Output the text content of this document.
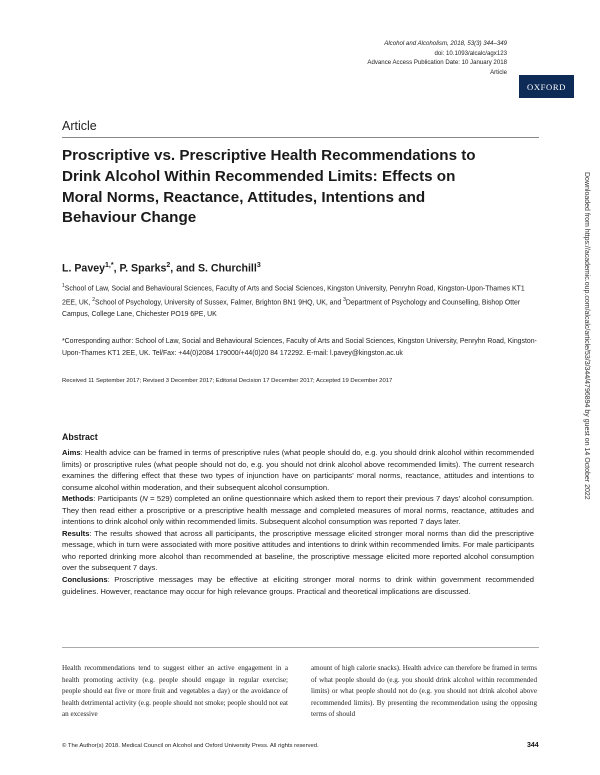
Alcohol and Alcoholism, 2018, 53(3) 344–349
doi: 10.1093/alcalc/agx123
Advance Access Publication Date: 10 January 2018
Article
OXFORD
Article
Proscriptive vs. Prescriptive Health Recommendations to Drink Alcohol Within Recommended Limits: Effects on Moral Norms, Reactance, Attitudes, Intentions and Behaviour Change
L. Pavey$^{1,*}$, P. Sparks$^2$, and S. Churchill$^3$
$^1$School of Law, Social and Behavioural Sciences, Faculty of Arts and Social Sciences, Kingston University, Penryhn Road, Kingston-Upon-Thames KT1 2EE, UK, $^2$School of Psychology, University of Sussex, Falmer, Brighton BN1 9HQ, UK, and $^3$Department of Psychology and Counselling, Bishop Otter Campus, College Lane, Chichester PO19 6PE, UK
*Corresponding author: School of Law, Social and Behavioural Sciences, Faculty of Arts and Social Sciences, Kingston University, Penryhn Road, Kingston-Upon-Thames KT1 2EE, UK. Tel/Fax: +44(0)2084 179000/+44(0)20 84 172292. E-mail: l.pavey@kingston.ac.uk
Received 11 September 2017; Revised 3 December 2017; Editorial Decision 17 December 2017; Accepted 19 December 2017
Abstract

Aims: Health advice can be framed in terms of prescriptive rules (what people should do, e.g. you should drink alcohol within recommended limits) or proscriptive rules (what people should not do, e.g. you should not drink alcohol above recommended limits). The current research examines the differing effect that these two types of injunction have on participants' moral norms, reactance, attitudes and intentions to consume alcohol within moderation, and their subsequent alcohol consumption.

Methods: Participants (N = 529) completed an online questionnaire which asked them to report their previous 7 days' alcohol consumption. They then read either a proscriptive or a prescriptive health message and completed measures of moral norms, reactance, attitudes and intentions to drink alcohol only within recommended limits. Subsequent alcohol consumption was reported 7 days later.

Results: The results showed that across all participants, the proscriptive message elicited stronger moral norms than did the prescriptive message, which in turn were associated with more positive attitudes and intentions to drink within recommended limits. For male participants who reported drinking more alcohol than recommended at baseline, the proscriptive message elicited more reported alcohol consumption over the subsequent 7 days.

Conclusions: Proscriptive messages may be effective at eliciting stronger moral norms to drink within government recommended guidelines. However, reactance may occur for high relevance groups. Practical and theoretical implications are discussed.

Health recommendations tend to suggest either an active engagement in a health promoting activity (e.g. people should engage in regular exercise; people should eat five or more fruit and vegetables a day) or the avoidance of health detrimental activity (e.g. people should not smoke; people should not eat an excessive
amount of high calorie snacks). Health advice can therefore be framed in terms of what people should do (e.g. you should drink alcohol within recommended limits) or what people should not do (e.g. you should not drink alcohol above recommended limits). By presenting the recommendation using the opposing terms of should
© The Author(s) 2018. Medical Council on Alcohol and Oxford University Press. All rights reserved.	344
Downloaded from https://academic.oup.com/alcalc/article/53/3/344/4796894 by guest on 14 October 2022
